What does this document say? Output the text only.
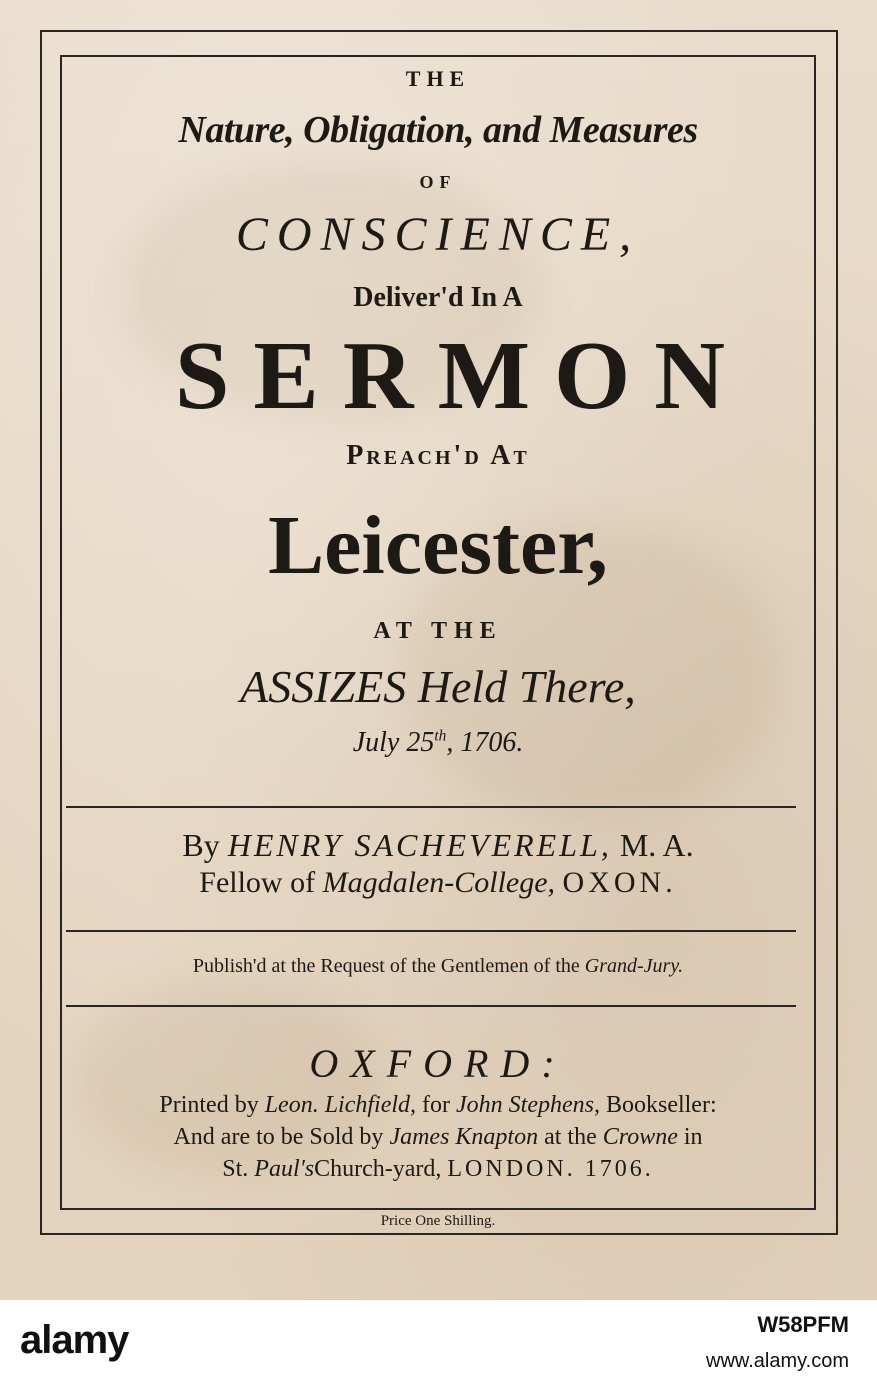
THE
Nature, Obligation, and Measures
OF
CONSCIENCE,
Deliver'd In A
SERMON
Preach'd At
Leicester,
AT THE
ASSIZES Held There,
July 25th, 1706.
By HENRY SACHEVERELL, M. A.
Fellow of Magdalen-College, OXON.
Publish'd at the Request of the Gentlemen of the Grand-Jury.
OXFORD:
Printed by Leon. Lichfield, for John Stephens, Bookseller:
And are to be Sold by James Knapton at the Crowne in
St. Paul'sChurch-yard, LONDON. 1706.
Price One Shilling.
alamy	W58PFM
www.alamy.com
